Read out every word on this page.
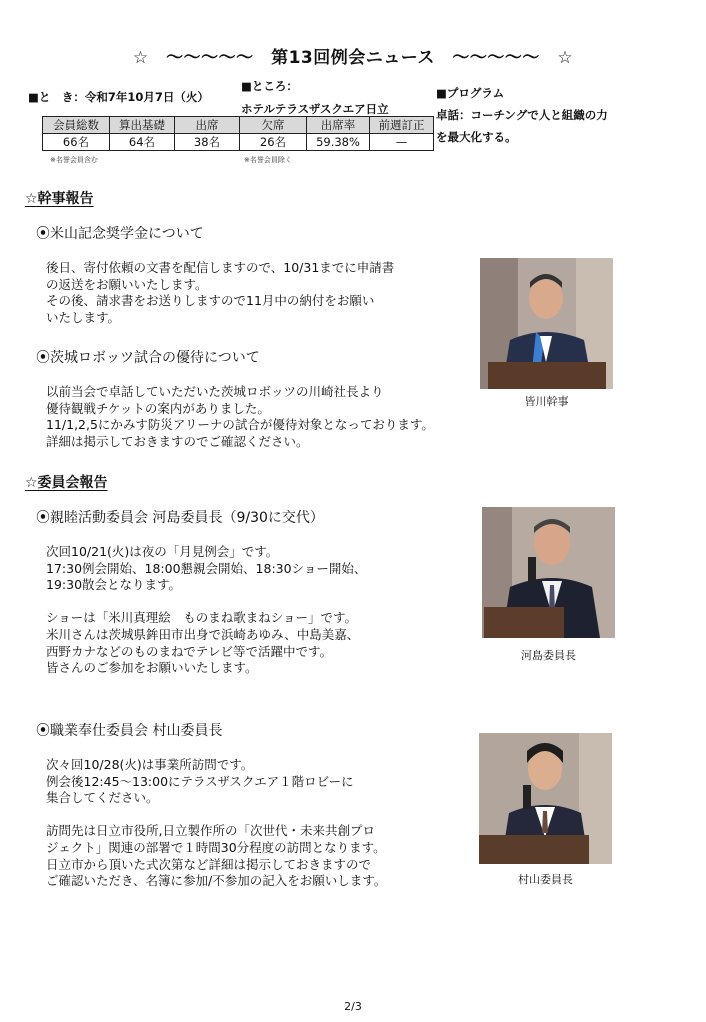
☆　〜〜〜〜〜　第13回例会ニュース　〜〜〜〜〜　☆
■と　き：令和7年10月7日（火）
■ところ：
ホテルテラスザスクエア日立
■プログラム
卓話：コーチングで人と組織の力
を最大化する。
会員総数	算出基礎	出席	欠席	出席率	前週訂正
66名	64名	38名	26名	59.38%	—
※名誉会員含む	※名誉会員除く
☆幹事報告
⦿米山記念奨学金について
後日、寄付依頼の文書を配信しますので、10/31までに申請書
の返送をお願いいたします。
その後、請求書をお送りしますので11月中の納付をお願い
いたします。
⦿茨城ロボッツ試合の優待について
以前当会で卓話していただいた茨城ロボッツの川崎社長より
優待観戦チケットの案内がありました。
11/1,2,5にかみす防災アリーナの試合が優待対象となっております。
詳細は掲示しておきますのでご確認ください。
皆川幹事
☆委員会報告
⦿親睦活動委員会 河島委員長（9/30に交代）
次回10/21(火)は夜の「月見例会」です。
17:30例会開始、18:00懇親会開始、18:30ショー開始、
19:30散会となります。

ショーは「米川真理絵　ものまね歌まねショー」です。
米川さんは茨城県鉾田市出身で浜崎あゆみ、中島美嘉、
西野カナなどのものまねでテレビ等で活躍中です。
皆さんのご参加をお願いいたします。
河島委員長
⦿職業奉仕委員会 村山委員長
次々回10/28(火)は事業所訪問です。
例会後12:45〜13:00にテラスザスクエア１階ロビーに
集合してください。

訪問先は日立市役所,日立製作所の「次世代・未来共創プロ
ジェクト」関連の部署で１時間30分程度の訪問となります。
日立市から頂いた式次第など詳細は掲示しておきますので
ご確認いただき、名簿に参加/不参加の記入をお願いします。	村山委員長
2/3
